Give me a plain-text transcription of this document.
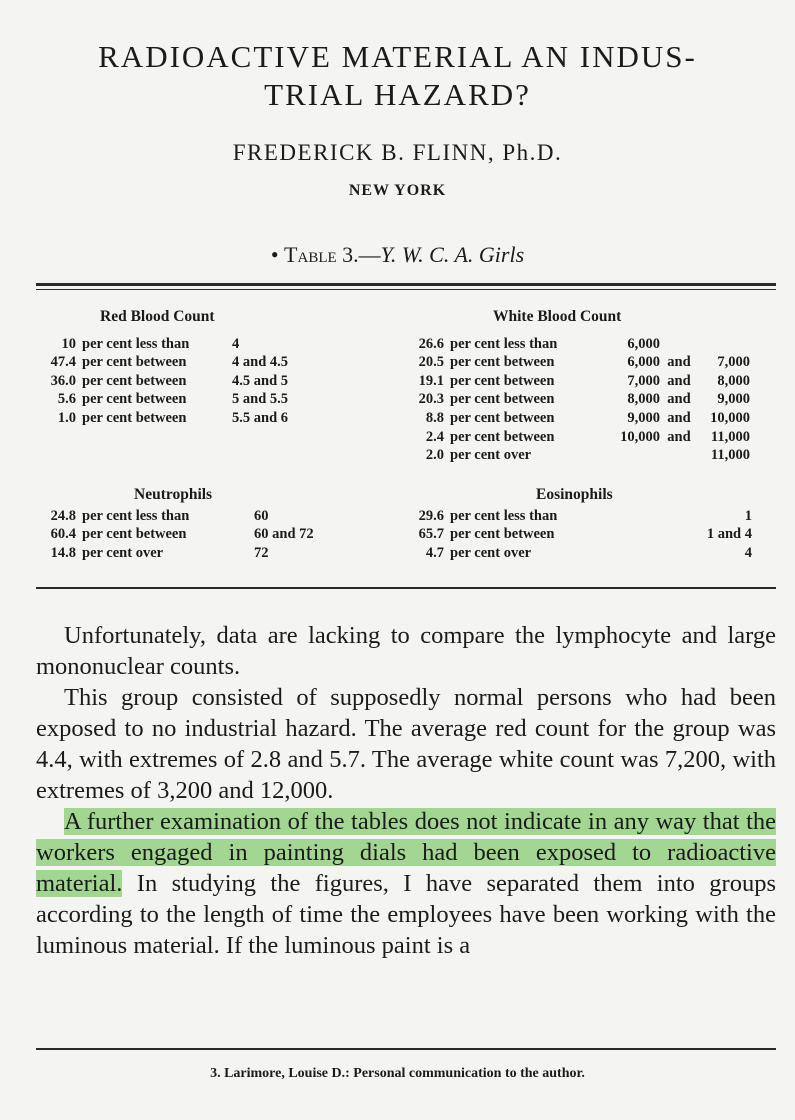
RADIOACTIVE MATERIAL AN INDUS-
TRIAL HAZARD?
FREDERICK B. FLINN, Ph.D.
NEW YORK
• Table 3.—Y. W. C. A. Girls
Red Blood Count
10 per cent less than	4
47.4 per cent between	4 and 4.5
36.0 per cent between	4.5 and 5
5.6 per cent between	5 and 5.5
1.0 per cent between	5.5 and 6
White Blood Count
26.6 per cent less than	6,000
20.5 per cent between	6,000 and	7,000
19.1 per cent between	7,000 and	8,000
20.3 per cent between	8,000 and	9,000
8.8 per cent between	9,000 and	10,000
2.4 per cent between	10,000 and	11,000
2.0 per cent over	11,000
Neutrophils
24.8 per cent less than	60
60.4 per cent between	60 and 72
14.8 per cent over	72
Eosinophils
29.6 per cent less than	1
65.7 per cent between	1 and 4
4.7 per cent over	4

Unfortunately, data are lacking to compare the lymphocyte and large mononuclear counts.

This group consisted of supposedly normal persons who had been exposed to no industrial hazard. The average red count for the group was 4.4, with extremes of 2.8 and 5.7. The average white count was 7,200, with extremes of 3,200 and 12,000.

A further examination of the tables does not indicate in any way that the workers engaged in painting dials had been exposed to radioactive material. In studying the figures, I have separated them into groups according to the length of time the employees have been working with the luminous material. If the luminous paint is a

3. Larimore, Louise D.: Personal communication to the author.
